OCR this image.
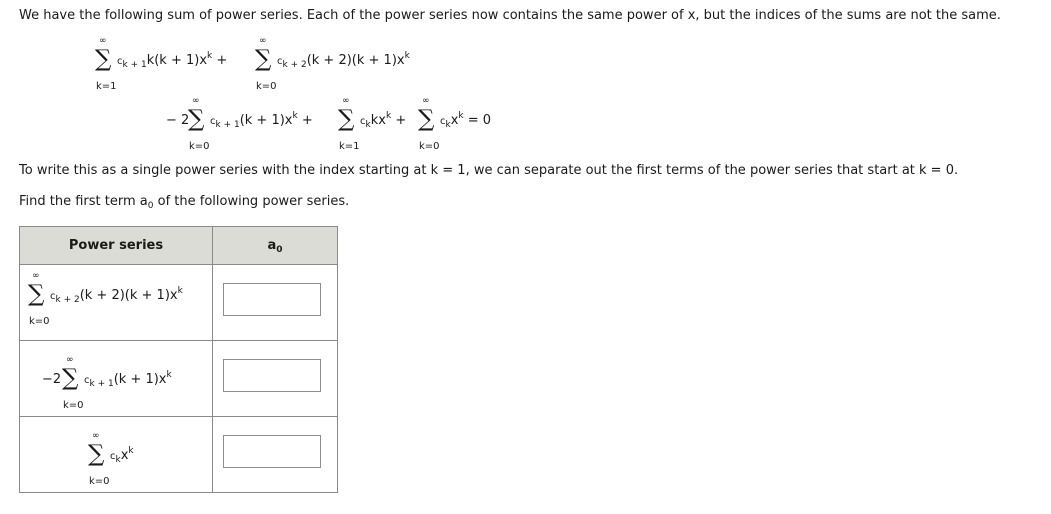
We have the following sum of power series. Each of the power series now contains the same power of x, but the indices of the sums are not the same.
∞
∑
k=1
$c_{k + 1}k(k + 1)x^k$ +
∞
∑
k=0
$c_{k + 2}(k + 2)(k + 1)x^k$
− 2
∞
∑
k=0
$c_{k + 1}(k + 1)x^k$ +
∞
∑
k=1
$c_kkx^k$ +
∞
∑
k=0
$c_kx^k = 0$
To write this as a single power series with the index starting at k = 1, we can separate out the first terms of the power series that start at k = 0.
Find the first term $a_0$ of the following power series.
Power series	$a_0$

∞
∑
k=0
$c_{k + 2}(k + 2)(k + 1)x^k$

−2
∞
∑
k=0
$c_{k + 1}(k + 1)x^k$

∞
∑
k=0
$c_kx^k$
